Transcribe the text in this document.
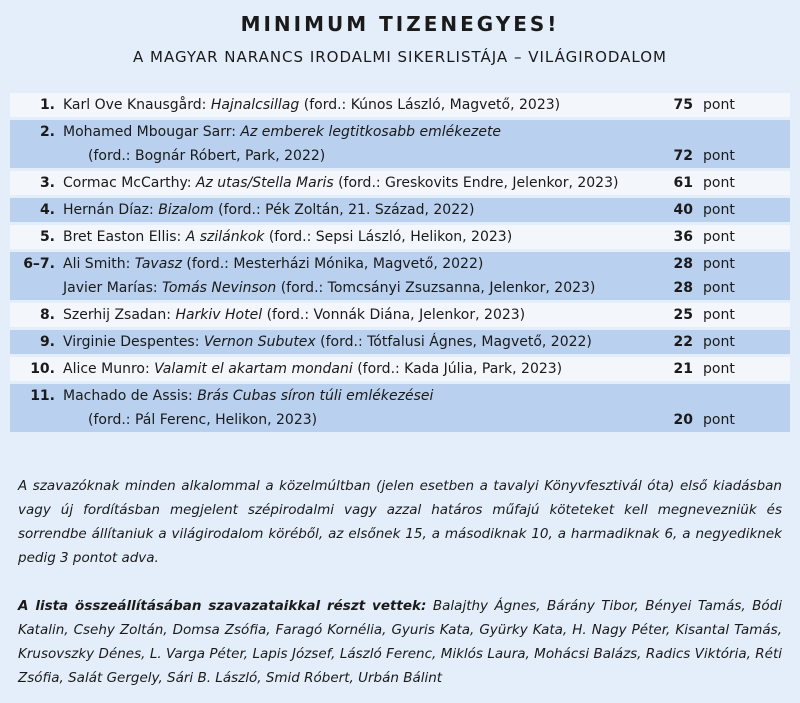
MINIMUM TIZENEGYES!
A MAGYAR NARANCS IRODALMI SIKERLISTÁJA – VILÁGIRODALOM
1. Karl Ove Knausgård: Hajnalcsillag (ford.: Kúnos László, Magvető, 2023)	75 pont
2. Mohamed Mbougar Sarr: Az emberek legtitkosabb emlékezete
(ford.: Bognár Róbert, Park, 2022)	72 pont
3. Cormac McCarthy: Az utas/Stella Maris (ford.: Greskovits Endre, Jelenkor, 2023)	61 pont
4. Hernán Díaz: Bizalom (ford.: Pék Zoltán, 21. Század, 2022)	40 pont
5. Bret Easton Ellis: A szilánkok (ford.: Sepsi László, Helikon, 2023)	36 pont
6–7. Ali Smith: Tavasz (ford.: Mesterházi Mónika, Magvető, 2022)	28 pont
Javier Marías: Tomás Nevinson (ford.: Tomcsányi Zsuzsanna, Jelenkor, 2023)	28 pont
8. Szerhij Zsadan: Harkiv Hotel (ford.: Vonnák Diána, Jelenkor, 2023)	25 pont
9. Virginie Despentes: Vernon Subutex (ford.: Tótfalusi Ágnes, Magvető, 2022)	22 pont
10. Alice Munro: Valamit el akartam mondani (ford.: Kada Júlia, Park, 2023)	21 pont
11. Machado de Assis: Brás Cubas síron túli emlékezései
(ford.: Pál Ferenc, Helikon, 2023)	20 pont
A szavazóknak minden alkalommal a közelmúltban (jelen esetben a tavalyi Könyvfesztivál óta) első kiadásban vagy új fordításban megjelent szépirodalmi vagy azzal határos műfajú köteteket kell megnevezniük és sorrendbe állítaniuk a világirodalom köréből, az elsőnek 15, a másodiknak 10, a harmadiknak 6, a negyediknek pedig 3 pontot adva.
A lista összeállításában szavazataikkal részt vettek: Balajthy Ágnes, Bárány Tibor, Bényei Tamás, Bódi Katalin, Csehy Zoltán, Domsa Zsófia, Faragó Kornélia, Gyuris Kata, Gyürky Kata, H. Nagy Péter, Kisantal Tamás, Krusovszky Dénes, L. Varga Péter, Lapis József, László Ferenc, Miklós Laura, Mohácsi Balázs, Radics Viktória, Réti Zsófia, Salát Gergely, Sári B. László, Smid Róbert, Urbán Bálint
